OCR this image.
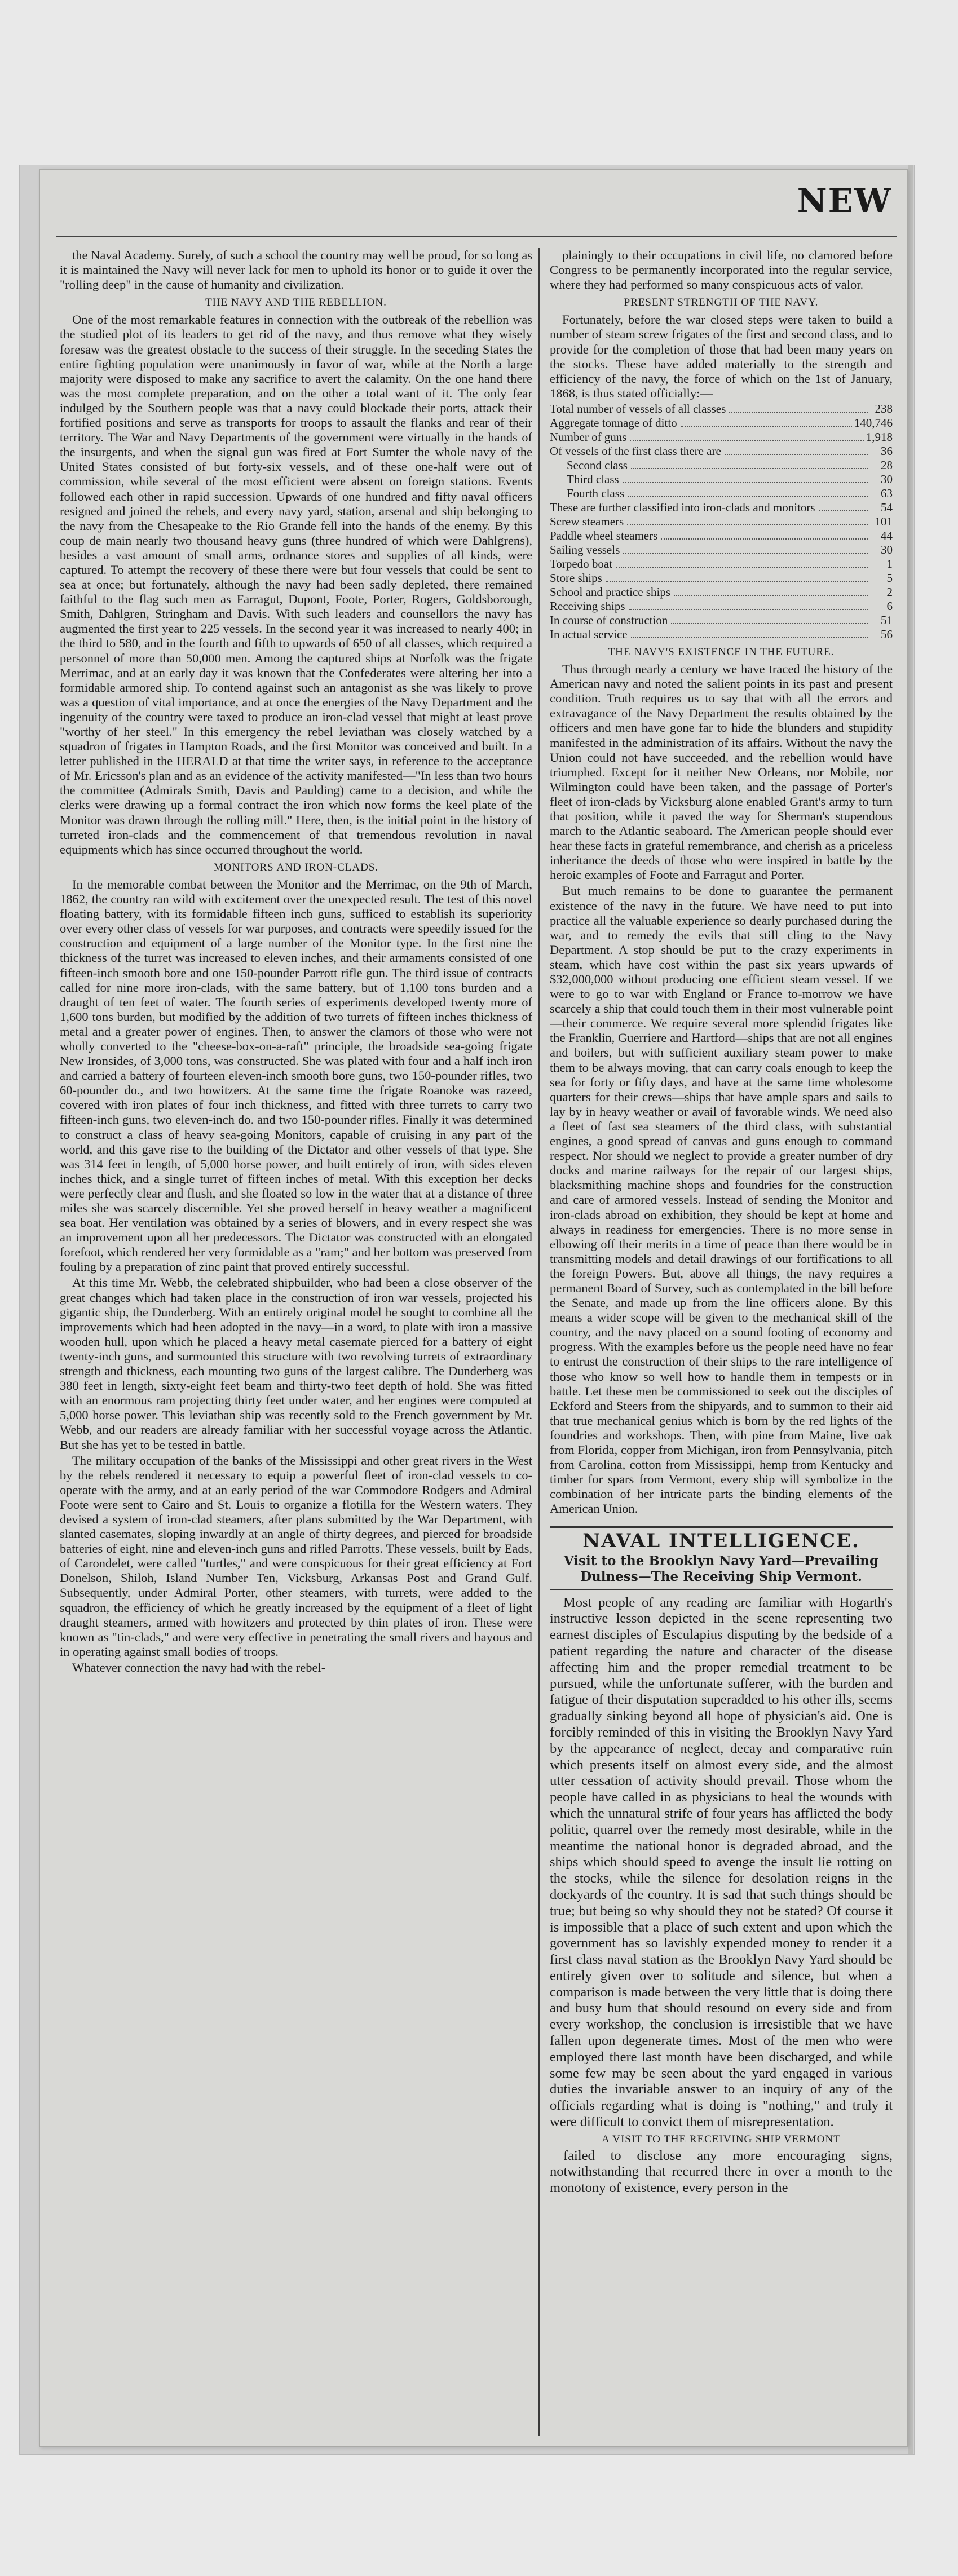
NEW

the Naval Academy. Surely, of such a school the country may well be proud, for so long as it is maintained the Navy will never lack for men to uphold its honor or to guide it over the "rolling deep" in the cause of humanity and civilization.

THE NAVY AND THE REBELLION.

One of the most remarkable features in connection with the outbreak of the rebellion was the studied plot of its leaders to get rid of the navy, and thus remove what they wisely foresaw was the greatest obstacle to the success of their struggle. In the seceding States the entire fighting population were unanimously in favor of war, while at the North a large majority were disposed to make any sacrifice to avert the calamity. On the one hand there was the most complete preparation, and on the other a total want of it. The only fear indulged by the Southern people was that a navy could blockade their ports, attack their fortified positions and serve as transports for troops to assault the flanks and rear of their territory. The War and Navy Departments of the government were virtually in the hands of the insurgents, and when the signal gun was fired at Fort Sumter the whole navy of the United States consisted of but forty-six vessels, and of these one-half were out of commission, while several of the most efficient were absent on foreign stations. Events followed each other in rapid succession. Upwards of one hundred and fifty naval officers resigned and joined the rebels, and every navy yard, station, arsenal and ship belonging to the navy from the Chesapeake to the Rio Grande fell into the hands of the enemy. By this coup de main nearly two thousand heavy guns (three hundred of which were Dahlgrens), besides a vast amount of small arms, ordnance stores and supplies of all kinds, were captured. To attempt the recovery of these there were but four vessels that could be sent to sea at once; but fortunately, although the navy had been sadly depleted, there remained faithful to the flag such men as Farragut, Dupont, Foote, Porter, Rogers, Goldsborough, Smith, Dahlgren, Stringham and Davis. With such leaders and counsellors the navy has augmented the first year to 225 vessels. In the second year it was increased to nearly 400; in the third to 580, and in the fourth and fifth to upwards of 650 of all classes, which required a personnel of more than 50,000 men. Among the captured ships at Norfolk was the frigate Merrimac, and at an early day it was known that the Confederates were altering her into a formidable armored ship. To contend against such an antagonist as she was likely to prove was a question of vital importance, and at once the energies of the Navy Department and the ingenuity of the country were taxed to produce an iron-clad vessel that might at least prove "worthy of her steel." In this emergency the rebel leviathan was closely watched by a squadron of frigates in Hampton Roads, and the first Monitor was conceived and built. In a letter published in the HERALD at that time the writer says, in reference to the acceptance of Mr. Ericsson's plan and as an evidence of the activity manifested—"In less than two hours the committee (Admirals Smith, Davis and Paulding) came to a decision, and while the clerks were drawing up a formal contract the iron which now forms the keel plate of the Monitor was drawn through the rolling mill." Here, then, is the initial point in the history of turreted iron-clads and the commencement of that tremendous revolution in naval equipments which has since occurred throughout the world.

MONITORS AND IRON-CLADS.

In the memorable combat between the Monitor and the Merrimac, on the 9th of March, 1862, the country ran wild with excitement over the unexpected result. The test of this novel floating battery, with its formidable fifteen inch guns, sufficed to establish its superiority over every other class of vessels for war purposes, and contracts were speedily issued for the construction and equipment of a large number of the Monitor type. In the first nine the thickness of the turret was increased to eleven inches, and their armaments consisted of one fifteen-inch smooth bore and one 150-pounder Parrott rifle gun. The third issue of contracts called for nine more iron-clads, with the same battery, but of 1,100 tons burden and a draught of ten feet of water. The fourth series of experiments developed twenty more of 1,600 tons burden, but modified by the addition of two turrets of fifteen inches thickness of metal and a greater power of engines. Then, to answer the clamors of those who were not wholly converted to the "cheese-box-on-a-raft" principle, the broadside sea-going frigate New Ironsides, of 3,000 tons, was constructed. She was plated with four and a half inch iron and carried a battery of fourteen eleven-inch smooth bore guns, two 150-pounder rifles, two 60-pounder do., and two howitzers. At the same time the frigate Roanoke was razeed, covered with iron plates of four inch thickness, and fitted with three turrets to carry two fifteen-inch guns, two eleven-inch do. and two 150-pounder rifles. Finally it was determined to construct a class of heavy sea-going Monitors, capable of cruising in any part of the world, and this gave rise to the building of the Dictator and other vessels of that type. She was 314 feet in length, of 5,000 horse power, and built entirely of iron, with sides eleven inches thick, and a single turret of fifteen inches of metal. With this exception her decks were perfectly clear and flush, and she floated so low in the water that at a distance of three miles she was scarcely discernible. Yet she proved herself in heavy weather a magnificent sea boat. Her ventilation was obtained by a series of blowers, and in every respect she was an improvement upon all her predecessors. The Dictator was constructed with an elongated forefoot, which rendered her very formidable as a "ram;" and her bottom was preserved from fouling by a preparation of zinc paint that proved entirely successful.

At this time Mr. Webb, the celebrated shipbuilder, who had been a close observer of the great changes which had taken place in the construction of iron war vessels, projected his gigantic ship, the Dunderberg. With an entirely original model he sought to combine all the improvements which had been adopted in the navy—in a word, to plate with iron a massive wooden hull, upon which he placed a heavy metal casemate pierced for a battery of eight twenty-inch guns, and surmounted this structure with two revolving turrets of extraordinary strength and thickness, each mounting two guns of the largest calibre. The Dunderberg was 380 feet in length, sixty-eight feet beam and thirty-two feet depth of hold. She was fitted with an enormous ram projecting thirty feet under water, and her engines were computed at 5,000 horse power. This leviathan ship was recently sold to the French government by Mr. Webb, and our readers are already familiar with her successful voyage across the Atlantic. But she has yet to be tested in battle.

The military occupation of the banks of the Mississippi and other great rivers in the West by the rebels rendered it necessary to equip a powerful fleet of iron-clad vessels to co-operate with the army, and at an early period of the war Commodore Rodgers and Admiral Foote were sent to Cairo and St. Louis to organize a flotilla for the Western waters. They devised a system of iron-clad steamers, after plans submitted by the War Department, with slanted casemates, sloping inwardly at an angle of thirty degrees, and pierced for broadside batteries of eight, nine and eleven-inch guns and rifled Parrotts. These vessels, built by Eads, of Carondelet, were called "turtles," and were conspicuous for their great efficiency at Fort Donelson, Shiloh, Island Number Ten, Vicksburg, Arkansas Post and Grand Gulf. Subsequently, under Admiral Porter, other steamers, with turrets, were added to the squadron, the efficiency of which he greatly increased by the equipment of a fleet of light draught steamers, armed with howitzers and protected by thin plates of iron. These were known as "tin-clads," and were very effective in penetrating the small rivers and bayous and in operating against small bodies of troops.

Whatever connection the navy had with the rebel-

plainingly to their occupations in civil life, no clamored before Congress to be permanently incorporated into the regular service, where they had performed so many conspicuous acts of valor.

PRESENT STRENGTH OF THE NAVY.

Fortunately, before the war closed steps were taken to build a number of steam screw frigates of the first and second class, and to provide for the completion of those that had been many years on the stocks. These have added materially to the strength and efficiency of the navy, the force of which on the 1st of January, 1868, is thus stated officially:—

Total number of vessels of all classes	238
Aggregate tonnage of ditto	140,746
Number of guns	1,918
Of vessels of the first class there are	36
Second class	28
Third class	30
Fourth class	63
These are further classified into iron-clads and monitors	54
Screw steamers	101
Paddle wheel steamers	44
Sailing vessels	30
Torpedo boat	1
Store ships	5
School and practice ships	2
Receiving ships	6
In course of construction	51
In actual service	56
THE NAVY'S EXISTENCE IN THE FUTURE.

Thus through nearly a century we have traced the history of the American navy and noted the salient points in its past and present condition. Truth requires us to say that with all the errors and extravagance of the Navy Department the results obtained by the officers and men have gone far to hide the blunders and stupidity manifested in the administration of its affairs. Without the navy the Union could not have succeeded, and the rebellion would have triumphed. Except for it neither New Orleans, nor Mobile, nor Wilmington could have been taken, and the passage of Porter's fleet of iron-clads by Vicksburg alone enabled Grant's army to turn that position, while it paved the way for Sherman's stupendous march to the Atlantic seaboard. The American people should ever hear these facts in grateful remembrance, and cherish as a priceless inheritance the deeds of those who were inspired in battle by the heroic examples of Foote and Farragut and Porter.

But much remains to be done to guarantee the permanent existence of the navy in the future. We have need to put into practice all the valuable experience so dearly purchased during the war, and to remedy the evils that still cling to the Navy Department. A stop should be put to the crazy experiments in steam, which have cost within the past six years upwards of $32,000,000 without producing one efficient steam vessel. If we were to go to war with England or France to-morrow we have scarcely a ship that could touch them in their most vulnerable point—their commerce. We require several more splendid frigates like the Franklin, Guerriere and Hartford—ships that are not all engines and boilers, but with sufficient auxiliary steam power to make them to be always moving, that can carry coals enough to keep the sea for forty or fifty days, and have at the same time wholesome quarters for their crews—ships that have ample spars and sails to lay by in heavy weather or avail of favorable winds. We need also a fleet of fast sea steamers of the third class, with substantial engines, a good spread of canvas and guns enough to command respect. Nor should we neglect to provide a greater number of dry docks and marine railways for the repair of our largest ships, blacksmithing machine shops and foundries for the construction and care of armored vessels. Instead of sending the Monitor and iron-clads abroad on exhibition, they should be kept at home and always in readiness for emergencies. There is no more sense in elbowing off their merits in a time of peace than there would be in transmitting models and detail drawings of our fortifications to all the foreign Powers. But, above all things, the navy requires a permanent Board of Survey, such as contemplated in the bill before the Senate, and made up from the line officers alone. By this means a wider scope will be given to the mechanical skill of the country, and the navy placed on a sound footing of economy and progress. With the examples before us the people need have no fear to entrust the construction of their ships to the rare intelligence of those who know so well how to handle them in tempests or in battle. Let these men be commissioned to seek out the disciples of Eckford and Steers from the shipyards, and to summon to their aid that true mechanical genius which is born by the red lights of the foundries and workshops. Then, with pine from Maine, live oak from Florida, copper from Michigan, iron from Pennsylvania, pitch from Carolina, cotton from Mississippi, hemp from Kentucky and timber for spars from Vermont, every ship will symbolize in the combination of her intricate parts the binding elements of the American Union.

NAVAL INTELLIGENCE.
Visit to the Brooklyn Navy Yard—Prevailing Dulness—The Receiving Ship Vermont.

Most people of any reading are familiar with Hogarth's instructive lesson depicted in the scene representing two earnest disciples of Esculapius disputing by the bedside of a patient regarding the nature and character of the disease affecting him and the proper remedial treatment to be pursued, while the unfortunate sufferer, with the burden and fatigue of their disputation superadded to his other ills, seems gradually sinking beyond all hope of physician's aid. One is forcibly reminded of this in visiting the Brooklyn Navy Yard by the appearance of neglect, decay and comparative ruin which presents itself on almost every side, and the almost utter cessation of activity should prevail. Those whom the people have called in as physicians to heal the wounds with which the unnatural strife of four years has afflicted the body politic, quarrel over the remedy most desirable, while in the meantime the national honor is degraded abroad, and the ships which should speed to avenge the insult lie rotting on the stocks, while the silence for desolation reigns in the dockyards of the country. It is sad that such things should be true; but being so why should they not be stated? Of course it is impossible that a place of such extent and upon which the government has so lavishly expended money to render it a first class naval station as the Brooklyn Navy Yard should be entirely given over to solitude and silence, but when a comparison is made between the very little that is doing there and busy hum that should resound on every side and from every workshop, the conclusion is irresistible that we have fallen upon degenerate times. Most of the men who were employed there last month have been discharged, and while some few may be seen about the yard engaged in various duties the invariable answer to an inquiry of any of the officials regarding what is doing is "nothing," and truly it were difficult to convict them of misrepresentation.

A VISIT TO THE RECEIVING SHIP VERMONT

failed to disclose any more encouraging signs, notwithstanding that recurred there in over a month to the monotony of existence, every person in the
